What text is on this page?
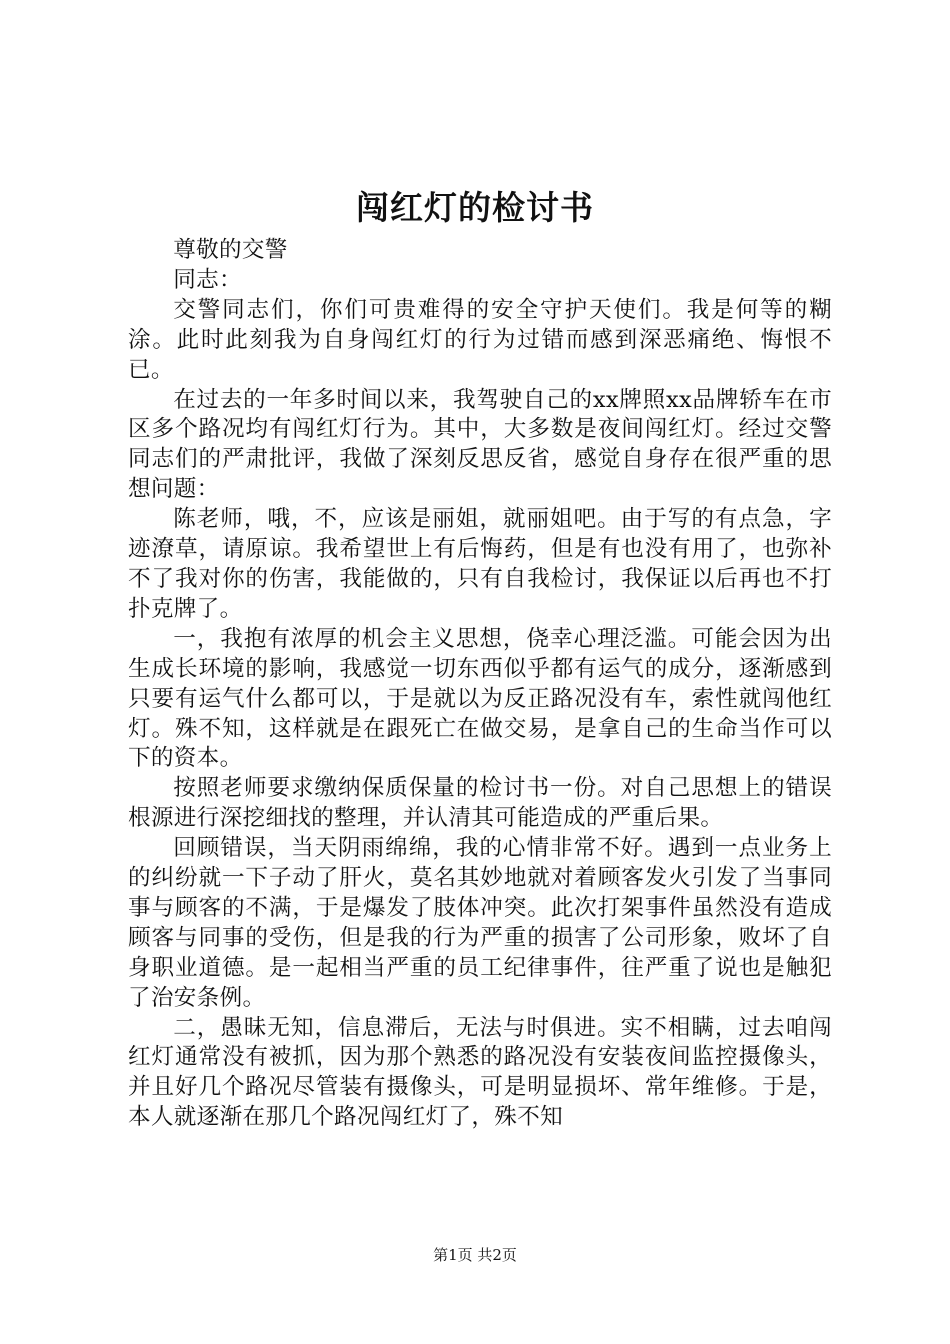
闯红灯的检讨书
尊敬的交警
同志：

交警同志们，你们可贵难得的安全守护天使们。我是何等的糊涂。此时此刻我为自身闯红灯的行为过错而感到深恶痛绝、悔恨不已。

在过去的一年多时间以来，我驾驶自己的xx牌照xx品牌轿车在市区多个路况均有闯红灯行为。其中，大多数是夜间闯红灯。经过交警同志们的严肃批评，我做了深刻反思反省，感觉自身存在很严重的思想问题：

陈老师，哦，不，应该是丽姐，就丽姐吧。由于写的有点急，字迹潦草，请原谅。我希望世上有后悔药，但是有也没有用了，也弥补不了我对你的伤害，我能做的，只有自我检讨，我保证以后再也不打扑克牌了。

一，我抱有浓厚的机会主义思想，侥幸心理泛滥。可能会因为出生成长环境的影响，我感觉一切东西似乎都有运气的成分，逐渐感到只要有运气什么都可以，于是就以为反正路况没有车，索性就闯他红灯。殊不知，这样就是在跟死亡在做交易，是拿自己的生命当作可以下的资本。

按照老师要求缴纳保质保量的检讨书一份。对自己思想上的错误根源进行深挖细找的整理，并认清其可能造成的严重后果。

回顾错误，当天阴雨绵绵，我的心情非常不好。遇到一点业务上的纠纷就一下子动了肝火，莫名其妙地就对着顾客发火引发了当事同事与顾客的不满，于是爆发了肢体冲突。此次打架事件虽然没有造成顾客与同事的受伤，但是我的行为严重的损害了公司形象，败坏了自身职业道德。是一起相当严重的员工纪律事件，往严重了说也是触犯了治安条例。

二，愚昧无知，信息滞后，无法与时俱进。实不相瞒，过去咱闯红灯通常没有被抓，因为那个熟悉的路况没有安装夜间监控摄像头，并且好几个路况尽管装有摄像头，可是明显损坏、常年维修。于是，本人就逐渐在那几个路况闯红灯了，殊不知

第1页 共2页
